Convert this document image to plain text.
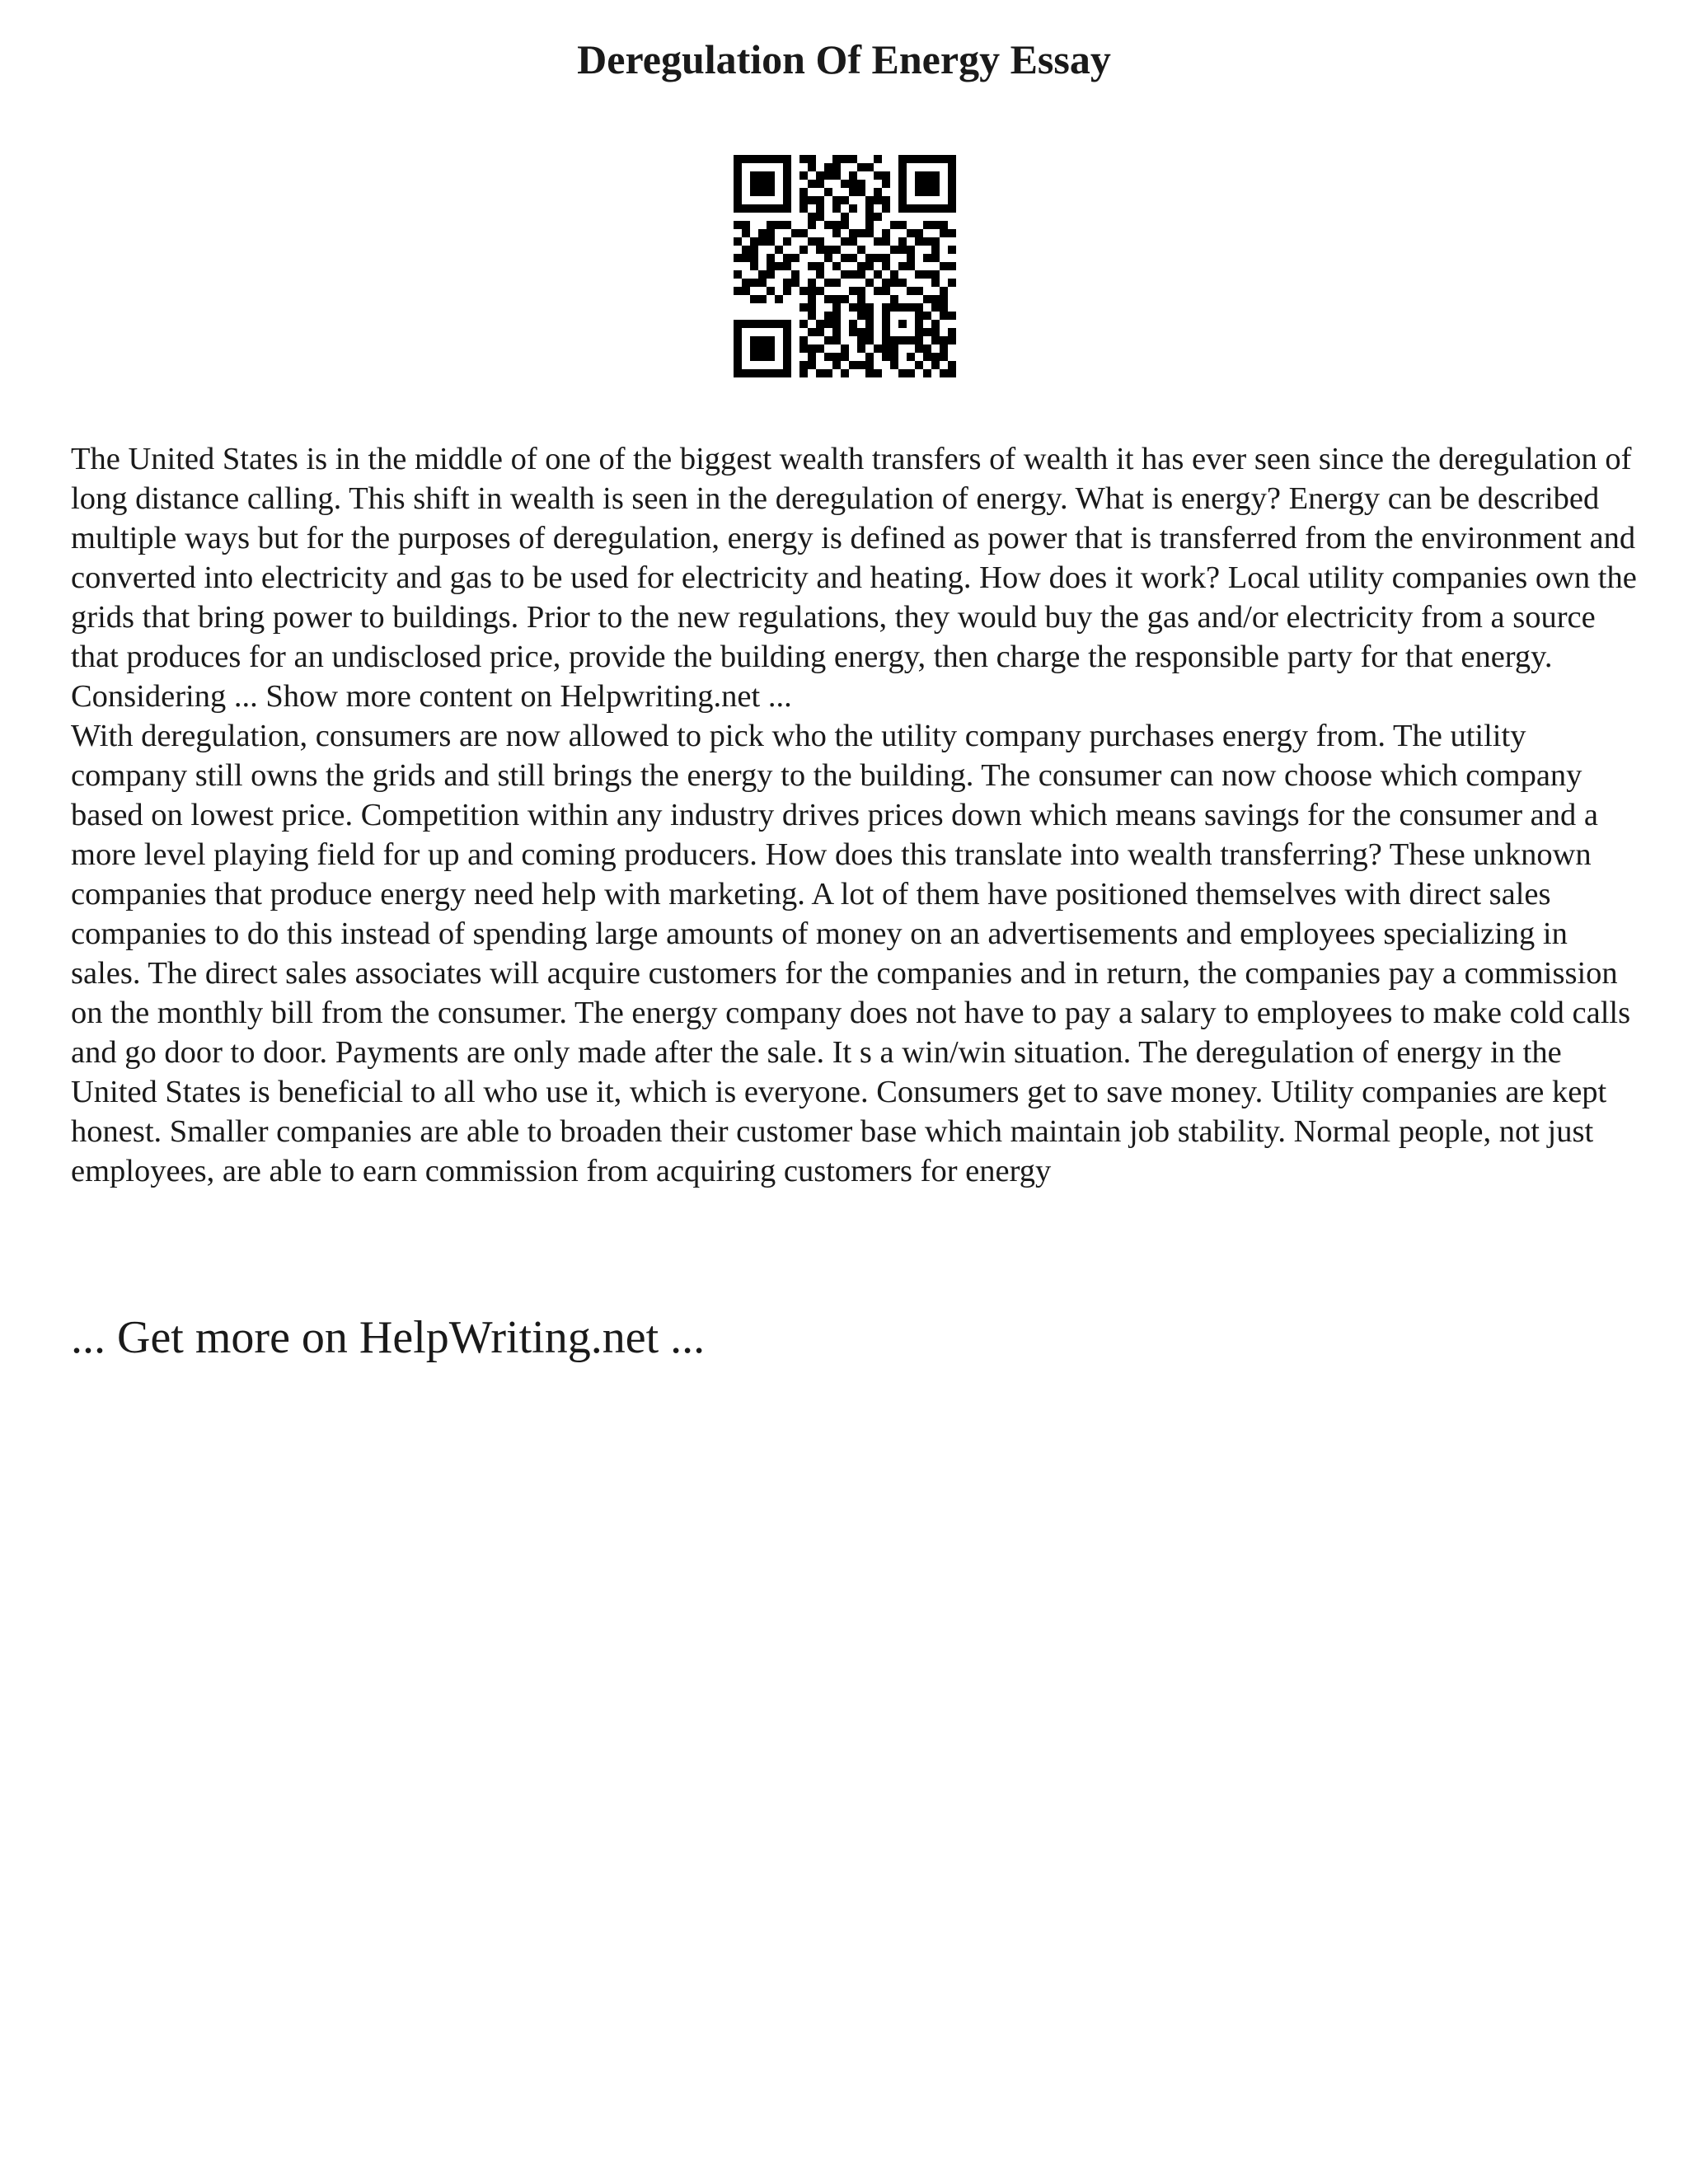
Deregulation Of Energy Essay

The United States is in the middle of one of the biggest wealth transfers of wealth it has ever seen since the deregulation of long distance calling. This shift in wealth is seen in the deregulation of energy. What is energy? Energy can be described multiple ways but for the purposes of deregulation, energy is defined as power that is transferred from the environment and converted into electricity and gas to be used for electricity and heating. How does it work? Local utility companies own the grids that bring power to buildings. Prior to the new regulations, they would buy the gas and/or electricity from a source that produces for an undisclosed price, provide the building energy, then charge the responsible party for that energy. Considering ... Show more content on Helpwriting.net ...

With deregulation, consumers are now allowed to pick who the utility company purchases energy from. The utility company still owns the grids and still brings the energy to the building. The consumer can now choose which company based on lowest price. Competition within any industry drives prices down which means savings for the consumer and a more level playing field for up and coming producers. How does this translate into wealth transferring? These unknown companies that produce energy need help with marketing. A lot of them have positioned themselves with direct sales companies to do this instead of spending large amounts of money on an advertisements and employees specializing in sales. The direct sales associates will acquire customers for the companies and in return, the companies pay a commission on the monthly bill from the consumer. The energy company does not have to pay a salary to employees to make cold calls and go door to door. Payments are only made after the sale. It s a win/win situation. The deregulation of energy in the United States is beneficial to all who use it, which is everyone. Consumers get to save money. Utility companies are kept honest. Smaller companies are able to broaden their customer base which maintain job stability. Normal people, not just employees, are able to earn commission from acquiring customers for energy

... Get more on HelpWriting.net ...
